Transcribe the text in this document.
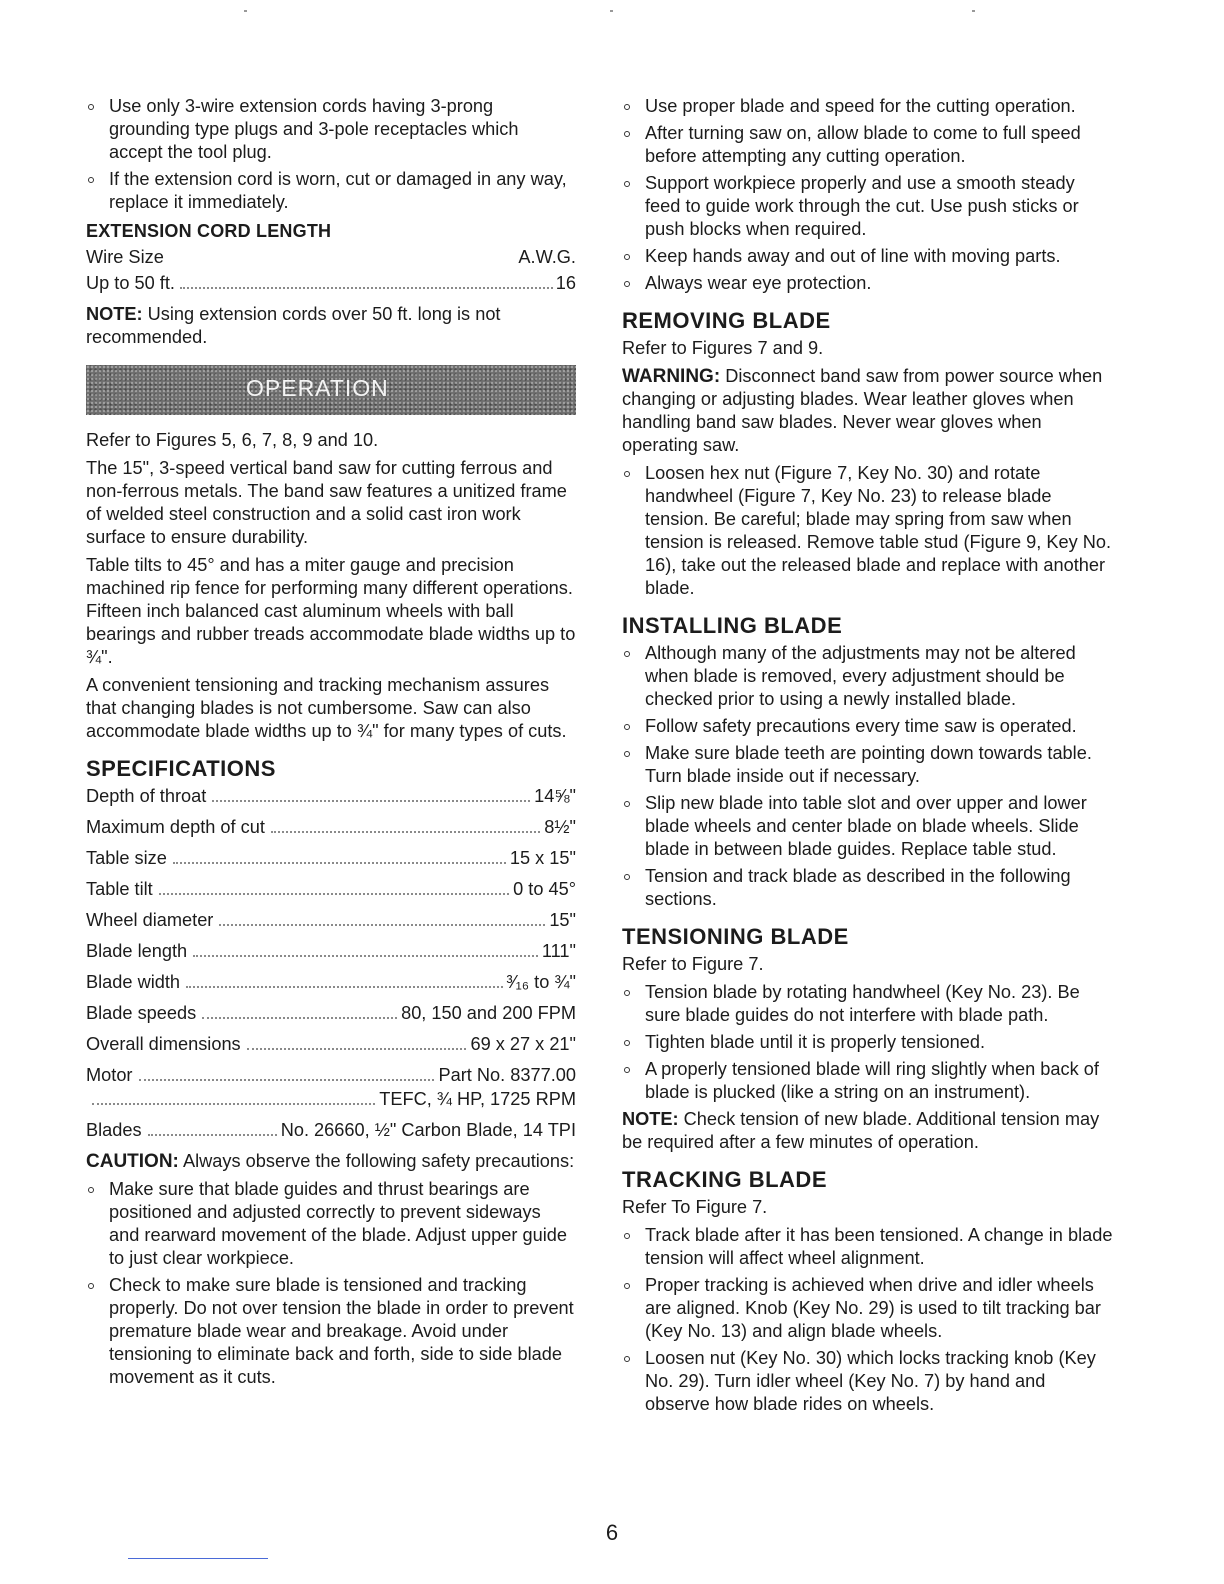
Use only 3-wire extension cords having 3-prong grounding type plugs and 3-pole receptacles which accept the tool plug.
If the extension cord is worn, cut or damaged in any way, replace it immediately.
EXTENSION CORD LENGTH
Wire Size	A.W.G.
Up to 50 ft.	16

NOTE: Using extension cords over 50 ft. long is not recommended.

OPERATION

Refer to Figures 5, 6, 7, 8, 9 and 10.

The 15", 3-speed vertical band saw for cutting ferrous and non-ferrous metals. The band saw features a unitized frame of welded steel construction and a solid cast iron work surface to ensure durability.

Table tilts to 45° and has a miter gauge and precision machined rip fence for performing many different operations. Fifteen inch balanced cast aluminum wheels with ball bearings and rubber treads accommodate blade widths up to ¾".

A convenient tensioning and tracking mechanism assures that changing blades is not cumbersome. Saw can also accommodate blade widths up to ¾" for many types of cuts.

SPECIFICATIONS
Depth of throat	14⅝"
Maximum depth of cut	8½"
Table size	15 x 15"
Table tilt	0 to 45°
Wheel diameter	15"
Blade length	111"
Blade width	³⁄₁₆ to ¾"
Blade speeds	80, 150 and 200 FPM
Overall dimensions	69 x 27 x 21"
Motor	Part No. 8377.00
TEFC, ¾ HP, 1725 RPM
Blades	No. 26660, ½" Carbon Blade, 14 TPI

CAUTION: Always observe the following safety precautions:

Make sure that blade guides and thrust bearings are positioned and adjusted correctly to prevent sideways and rearward movement of the blade. Adjust upper guide to just clear workpiece.
Check to make sure blade is tensioned and tracking properly. Do not over tension the blade in order to prevent premature blade wear and breakage. Avoid under tensioning to eliminate back and forth, side to side blade movement as it cuts.
Use proper blade and speed for the cutting operation.
After turning saw on, allow blade to come to full speed before attempting any cutting operation.
Support workpiece properly and use a smooth steady feed to guide work through the cut. Use push sticks or push blocks when required.
Keep hands away and out of line with moving parts.
Always wear eye protection.
REMOVING BLADE

Refer to Figures 7 and 9.

WARNING: Disconnect band saw from power source when changing or adjusting blades. Wear leather gloves when handling band saw blades. Never wear gloves when operating saw.

Loosen hex nut (Figure 7, Key No. 30) and rotate handwheel (Figure 7, Key No. 23) to release blade tension. Be careful; blade may spring from saw when tension is released. Remove table stud (Figure 9, Key No. 16), take out the released blade and replace with another blade.
INSTALLING BLADE
Although many of the adjustments may not be altered when blade is removed, every adjustment should be checked prior to using a newly installed blade.
Follow safety precautions every time saw is operated.
Make sure blade teeth are pointing down towards table. Turn blade inside out if necessary.
Slip new blade into table slot and over upper and lower blade wheels and center blade on blade wheels. Slide blade in between blade guides. Replace table stud.
Tension and track blade as described in the following sections.
TENSIONING BLADE

Refer to Figure 7.

Tension blade by rotating handwheel (Key No. 23). Be sure blade guides do not interfere with blade path.
Tighten blade until it is properly tensioned.
A properly tensioned blade will ring slightly when back of blade is plucked (like a string on an instrument).

NOTE: Check tension of new blade. Additional tension may be required after a few minutes of operation.

TRACKING BLADE

Refer To Figure 7.

Track blade after it has been tensioned. A change in blade tension will affect wheel alignment.
Proper tracking is achieved when drive and idler wheels are aligned. Knob (Key No. 29) is used to tilt tracking bar (Key No. 13) and align blade wheels.
Loosen nut (Key No. 30) which locks tracking knob (Key No. 29). Turn idler wheel (Key No. 7) by hand and observe how blade rides on wheels.
6
